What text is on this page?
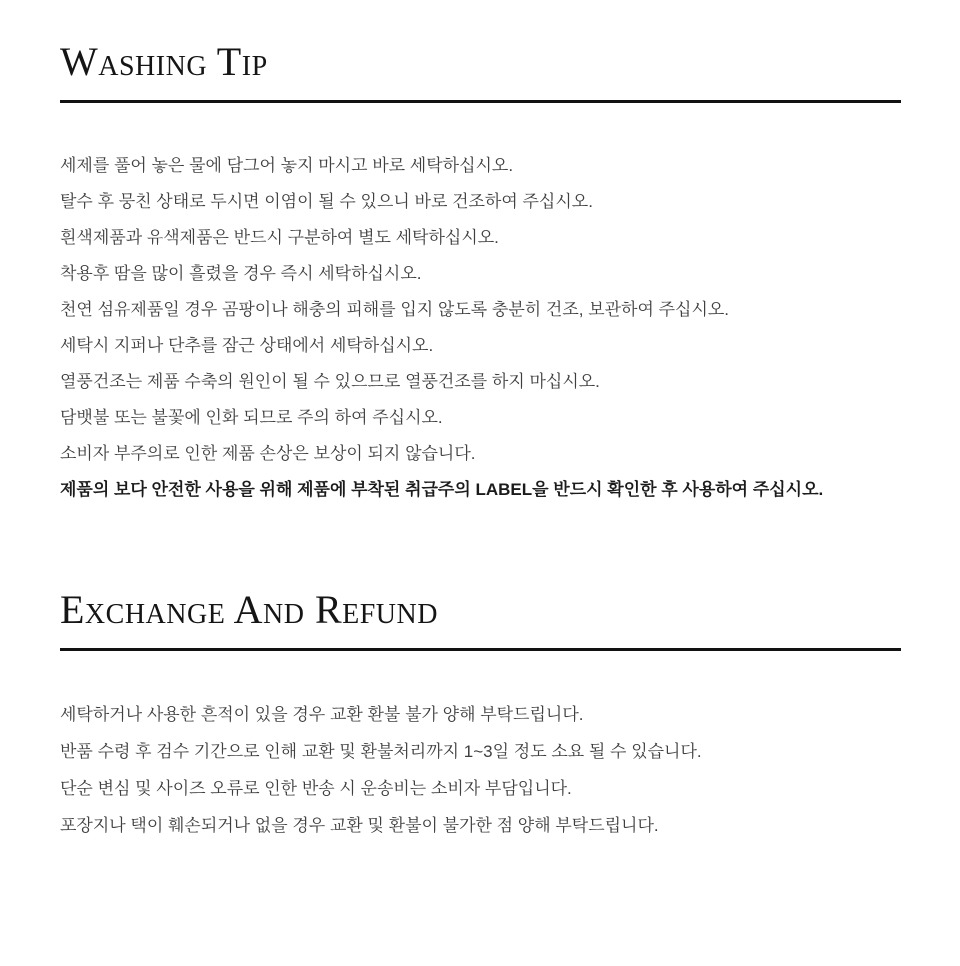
Washing Tip
세제를 풀어 놓은 물에 담그어 놓지 마시고 바로 세탁하십시오.
탈수 후 뭉친 상태로 두시면 이염이 될 수 있으니 바로 건조하여 주십시오.
흰색제품과 유색제품은 반드시 구분하여 별도 세탁하십시오.
착용후 땀을 많이 흘렸을 경우 즉시 세탁하십시오.
천연 섬유제품일 경우 곰팡이나 해충의 피해를 입지 않도록 충분히 건조, 보관하여 주십시오.
세탁시 지퍼나 단추를 잠근 상태에서 세탁하십시오.
열풍건조는 제품 수축의 원인이 될 수 있으므로 열풍건조를 하지 마십시오.
담뱃불 또는 불꽃에 인화 되므로 주의 하여 주십시오.
소비자 부주의로 인한 제품 손상은 보상이 되지 않습니다.
제품의 보다 안전한 사용을 위해 제품에 부착된 취급주의 LABEL을 반드시 확인한 후 사용하여 주십시오.
Exchange And Refund
세탁하거나 사용한 흔적이 있을 경우 교환 환불 불가 양해 부탁드립니다.
반품 수령 후 검수 기간으로 인해 교환 및 환불처리까지 1~3일 정도 소요 될 수 있습니다.
단순 변심 및 사이즈 오류로 인한 반송 시 운송비는 소비자 부담입니다.
포장지나 택이 훼손되거나 없을 경우 교환 및 환불이 불가한 점 양해 부탁드립니다.
